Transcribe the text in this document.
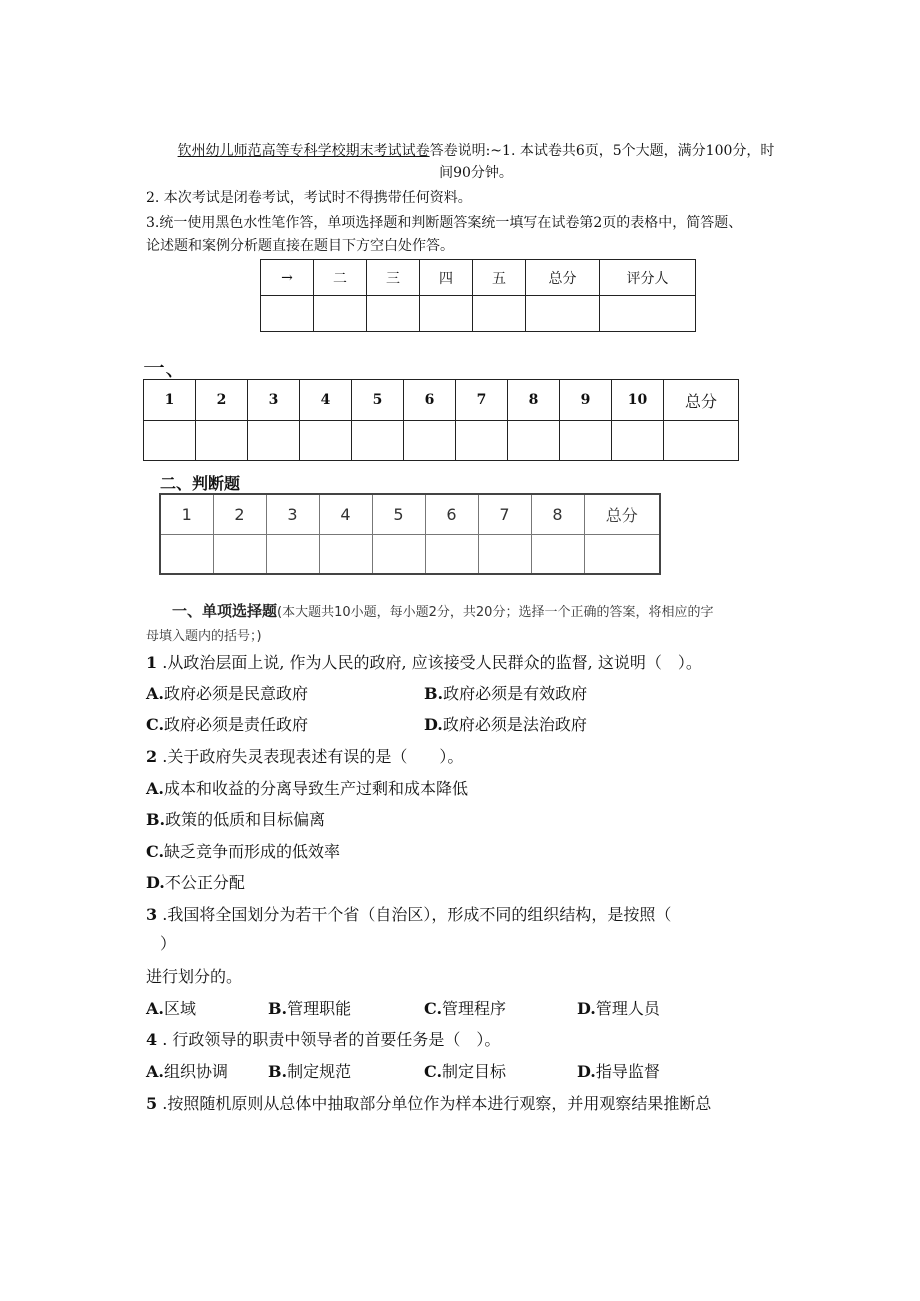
钦州幼儿师范高等专科学校期末考试试卷答卷说明:~1. 本试卷共6页，5个大题，满分100分，时
间90分钟。
2. 本次考试是闭卷考试，考试时不得携带任何资料。
3.统一使用黑色水性笔作答，单项选择题和判断题答案统一填写在试卷第2页的表格中，简答题、
论述题和案例分析题直接在题目下方空白处作答。
→	二	三	四	五	总分	评分人

一、
1	2	3	4	5	6	7	8	9	10	总分

二、判断题
1	2	3	4	5	6	7	8	总分

一、单项选择题(本大题共10小题，每小题2分，共20分；选择一个正确的答案，将相应的字
母填入题内的括号；)
1 .从政治层面上说, 作为人民的政府, 应该接受人民群众的监督, 这说明（　）。
A.政府必须是民意政府	B.政府必须是有效政府
C.政府必须是责任政府	D.政府必须是法治政府
2 .关于政府失灵表现表述有误的是（　　）。
A.成本和收益的分离导致生产过剩和成本降低
B.政策的低质和目标偏离
C.缺乏竞争而形成的低效率
D.不公正分配
3 .我国将全国划分为若干个省（自治区），形成不同的组织结构，是按照（
）
进行划分的。
A.区域	B.管理职能	C.管理程序	D.管理人员
4 . 行政领导的职责中领导者的首要任务是（　）。
A.组织协调	B.制定规范	C.制定目标	D.指导监督
5 .按照随机原则从总体中抽取部分单位作为样本进行观察，并用观察结果推断总
